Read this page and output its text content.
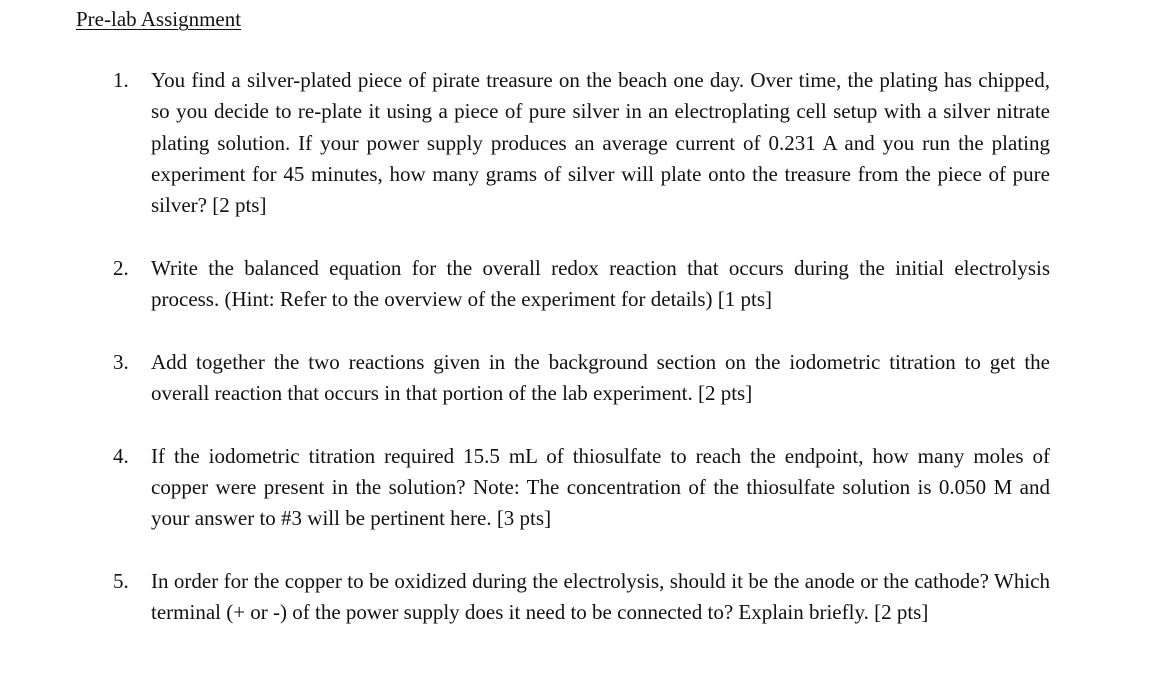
Pre-lab Assignment
1. You find a silver-plated piece of pirate treasure on the beach one day. Over time, the plating has chipped, so you decide to re-plate it using a piece of pure silver in an electroplating cell setup with a silver nitrate plating solution. If your power supply produces an average current of 0.231 A and you run the plating experiment for 45 minutes, how many grams of silver will plate onto the treasure from the piece of pure silver? [2 pts]
2. Write the balanced equation for the overall redox reaction that occurs during the initial electrolysis process. (Hint: Refer to the overview of the experiment for details) [1 pts]
3. Add together the two reactions given in the background section on the iodometric titration to get the overall reaction that occurs in that portion of the lab experiment. [2 pts]
4. If the iodometric titration required 15.5 mL of thiosulfate to reach the endpoint, how many moles of copper were present in the solution? Note: The concentration of the thiosulfate solution is 0.050 M and your answer to #3 will be pertinent here. [3 pts]
5. In order for the copper to be oxidized during the electrolysis, should it be the anode or the cathode? Which terminal (+ or -) of the power supply does it need to be connected to? Explain briefly. [2 pts]
